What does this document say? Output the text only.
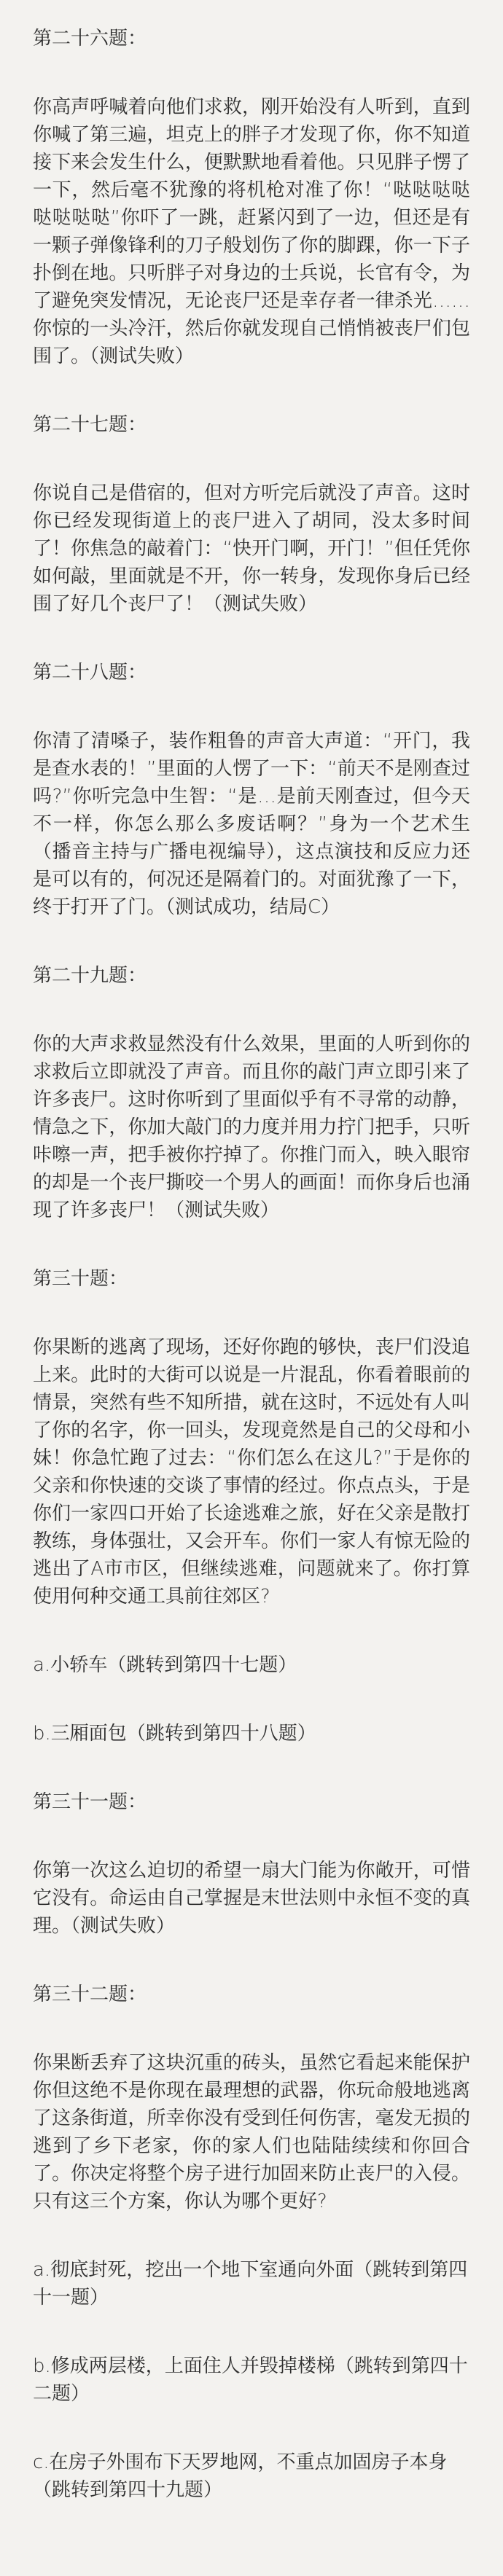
第二十六题：

你高声呼喊着向他们求救，刚开始没有人听到，直到你喊了第三遍，坦克上的胖子才发现了你，你不知道接下来会发生什么，便默默地看着他。只见胖子愣了一下，然后毫不犹豫的将机枪对准了你！“哒哒哒哒哒哒哒哒”你吓了一跳，赶紧闪到了一边，但还是有一颗子弹像锋利的刀子般划伤了你的脚踝，你一下子扑倒在地。只听胖子对身边的士兵说，长官有令，为了避免突发情况，无论丧尸还是幸存者一律杀光……你惊的一头冷汗，然后你就发现自己悄悄被丧尸们包围了。（测试失败）

第二十七题：

你说自己是借宿的，但对方听完后就没了声音。这时你已经发现街道上的丧尸进入了胡同，没太多时间了！你焦急的敲着门：“快开门啊，开门！”但任凭你如何敲，里面就是不开，你一转身，发现你身后已经围了好几个丧尸了！（测试失败）

第二十八题：

你清了清嗓子，装作粗鲁的声音大声道：“开门，我是查水表的！”里面的人愣了一下：“前天不是刚查过吗?”你听完急中生智：“是…是前天刚查过，但今天不一样，你怎么那么多废话啊？”身为一个艺术生（播音主持与广播电视编导），这点演技和反应力还是可以有的，何况还是隔着门的。对面犹豫了一下，终于打开了门。（测试成功，结局C）

第二十九题：

你的大声求救显然没有什么效果，里面的人听到你的求救后立即就没了声音。而且你的敲门声立即引来了许多丧尸。这时你听到了里面似乎有不寻常的动静，情急之下，你加大敲门的力度并用力拧门把手，只听咔嚓一声，把手被你拧掉了。你推门而入，映入眼帘的却是一个丧尸撕咬一个男人的画面！而你身后也涌现了许多丧尸！（测试失败）

第三十题：

你果断的逃离了现场，还好你跑的够快，丧尸们没追上来。此时的大街可以说是一片混乱，你看着眼前的情景，突然有些不知所措，就在这时，不远处有人叫了你的名字，你一回头，发现竟然是自己的父母和小妹！你急忙跑了过去：“你们怎么在这儿?”于是你的父亲和你快速的交谈了事情的经过。你点点头，于是你们一家四口开始了长途逃难之旅，好在父亲是散打教练，身体强壮，又会开车。你们一家人有惊无险的逃出了A市市区，但继续逃难，问题就来了。你打算使用何种交通工具前往郊区?

a.小轿车（跳转到第四十七题）

b.三厢面包（跳转到第四十八题）

第三十一题：

你第一次这么迫切的希望一扇大门能为你敞开，可惜它没有。命运由自己掌握是末世法则中永恒不变的真理。（测试失败）

第三十二题：

你果断丢弃了这块沉重的砖头，虽然它看起来能保护你但这绝不是你现在最理想的武器，你玩命般地逃离了这条街道，所幸你没有受到任何伤害，毫发无损的逃到了乡下老家，你的家人们也陆陆续续和你回合了。你决定将整个房子进行加固来防止丧尸的入侵。只有这三个方案，你认为哪个更好?

a.彻底封死，挖出一个地下室通向外面（跳转到第四十一题）

b.修成两层楼，上面住人并毁掉楼梯（跳转到第四十二题）

c.在房子外围布下天罗地网，不重点加固房子本身（跳转到第四十九题）
